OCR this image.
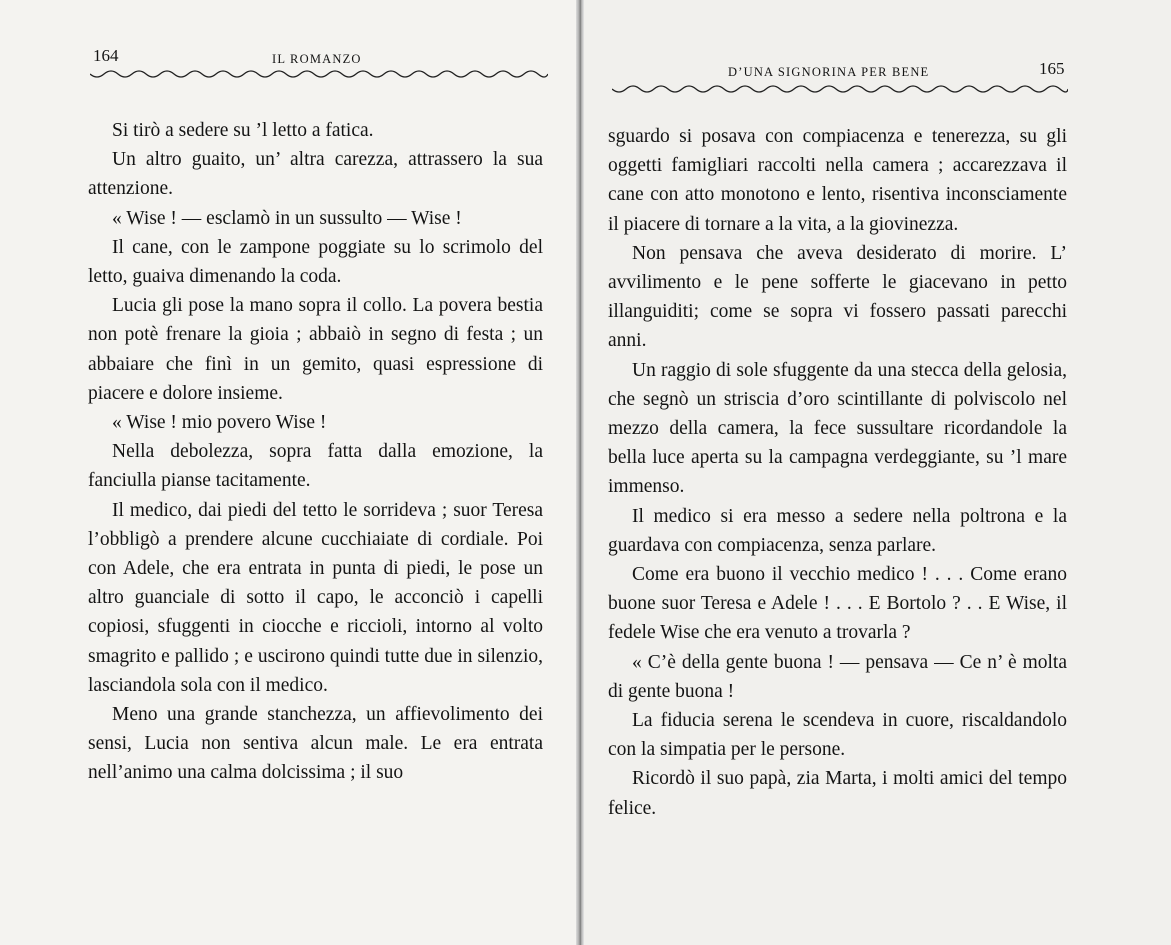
164	IL ROMANZO

Si tirò a sedere su ’l letto a fatica.

Un altro guaito, un’ altra carezza, attrassero la sua attenzione.

« Wise ! — esclamò in un sussulto — Wise !

Il cane, con le zampone poggiate su lo scrimolo del letto, guaiva dimenando la coda.

Lucia gli pose la mano sopra il collo. La povera bestia non potè frenare la gioia ; abbaiò in segno di festa ; un abbaiare che finì in un gemito, quasi espressione di piacere e dolore insieme.

« Wise ! mio povero Wise !

Nella debolezza, sopra fatta dalla emozione, la fanciulla pianse tacitamente.

Il medico, dai piedi del tetto le sorrideva ; suor Teresa l’obbligò a prendere alcune cucchiaiate di cordiale. Poi con Adele, che era entrata in punta di piedi, le pose un altro guanciale di sotto il capo, le acconciò i capelli copiosi, sfuggenti in ciocche e riccioli, intorno al volto smagrito e pallido ; e uscirono quindi tutte due in silenzio, lasciandola sola con il medico.

Meno una grande stanchezza, un affievolimento dei sensi, Lucia non sentiva alcun male. Le era entrata nell’animo una calma dolcissima ; il suo

D’UNA SIGNORINA PER BENE	165

sguardo si posava con compiacenza e tenerezza, su gli oggetti famigliari raccolti nella camera ; accarezzava il cane con atto monotono e lento, risentiva inconsciamente il piacere di tornare a la vita, a la giovinezza.

Non pensava che aveva desiderato di morire. L’ avvilimento e le pene sofferte le giacevano in petto illanguiditi; come se sopra vi fossero passati parecchi anni.

Un raggio di sole sfuggente da una stecca della gelosia, che segnò un striscia d’oro scintillante di polviscolo nel mezzo della camera, la fece sussultare ricordandole la bella luce aperta su la campagna verdeggiante, su ’l mare immenso.

Il medico si era messo a sedere nella poltrona e la guardava con compiacenza, senza parlare.

Come era buono il vecchio medico ! . . . Come erano buone suor Teresa e Adele ! . . . E Bortolo ? . . E Wise, il fedele Wise che era venuto a trovarla ?

« C’è della gente buona ! — pensava — Ce n’ è molta di gente buona !

La fiducia serena le scendeva in cuore, riscaldandolo con la simpatia per le persone.

Ricordò il suo papà, zia Marta, i molti amici del tempo felice.
